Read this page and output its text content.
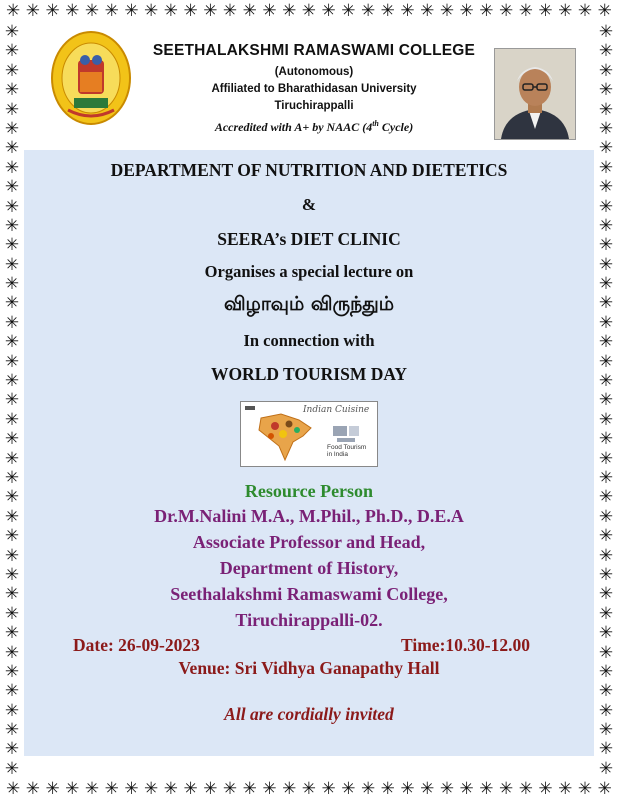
✳ ✳ ✳ ✳ ✳ ✳ ✳ ✳ ✳ ✳ ✳ ✳ ✳ ✳ ✳ ✳ ✳ ✳ ✳ ✳ ✳ ✳ ✳ ✳ ✳ ✳ ✳ ✳ ✳ ✳ ✳
✳ ✳ ✳ ✳ ✳ ✳ ✳ ✳ ✳ ✳ ✳ ✳ ✳ ✳ ✳ ✳ ✳ ✳ ✳ ✳ ✳ ✳ ✳ ✳ ✳ ✳ ✳ ✳ ✳ ✳ ✳
✳
✳
✳
✳
✳
✳
✳
✳
✳
✳
✳
✳
✳
✳
✳
✳
✳
✳
✳
✳
✳
✳
✳
✳
✳
✳
✳
✳
✳
✳
✳
✳
✳
✳
✳
✳
✳
✳
✳
✳
✳
✳
✳
✳
✳
✳
✳
✳
✳
✳
✳
✳
✳
✳
✳
✳
✳
✳
✳
✳
✳
✳
✳
✳
✳
✳
✳
✳
✳
✳
✳
✳
✳
✳
✳
✳
✳
✳
SEETHALAKSHMI RAMASWAMI COLLEGE
(Autonomous)
Affiliated to Bharathidasan University
Tiruchirappalli
Accredited with A+ by NAAC (4th Cycle)
DEPARTMENT OF NUTRITION AND DIETETICS
&
SEERA’s DIET CLINIC
Organises a special lecture on
விழாவும் விருந்தும்
In connection with
WORLD TOURISM DAY
Indian Cuisine
Food Tourism
in India
Resource Person
Dr.M.Nalini M.A., M.Phil., Ph.D., D.E.A
Associate Professor and Head,
Department of History,
Seethalakshmi Ramaswami College,
Tiruchirappalli-02.
Date: 26-09-2023	Time:10.30-12.00
Venue: Sri Vidhya Ganapathy Hall
All are cordially invited
